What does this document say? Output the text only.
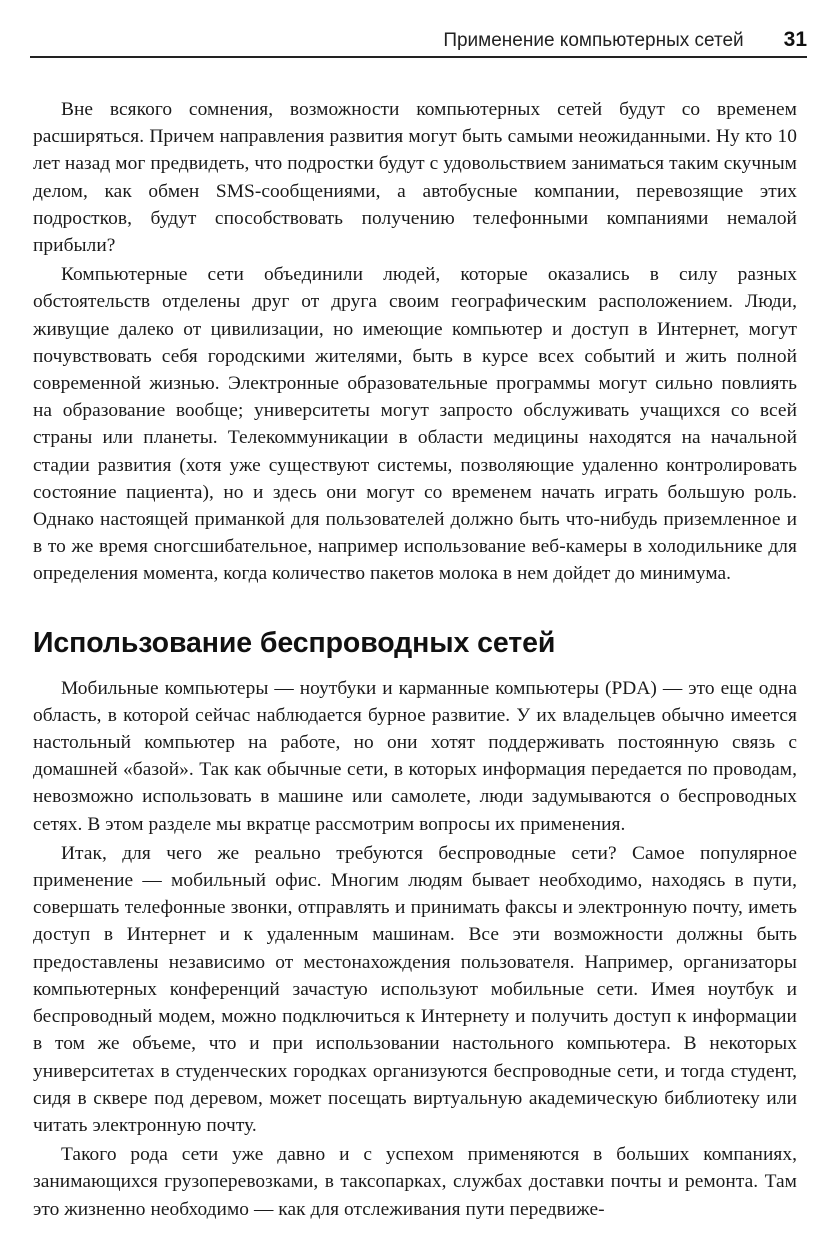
Применение компьютерных сетей 31

Вне всякого сомнения, возможности компьютерных сетей будут со временем расширяться. Причем направления развития могут быть самыми неожиданными. Ну кто 10 лет назад мог предвидеть, что подростки будут с удовольствием заниматься таким скучным делом, как обмен SMS-сообщениями, а автобусные компании, перевозящие этих подростков, будут способствовать получению телефонными компаниями немалой прибыли?

Компьютерные сети объединили людей, которые оказались в силу разных обстоятельств отделены друг от друга своим географическим расположением. Люди, живущие далеко от цивилизации, но имеющие компьютер и доступ в Интернет, могут почувствовать себя городскими жителями, быть в курсе всех событий и жить полной современной жизнью. Электронные образовательные программы могут сильно повлиять на образование вообще; университеты могут запросто обслуживать учащихся со всей страны или планеты. Телекоммуникации в области медицины находятся на начальной стадии развития (хотя уже существуют системы, позволяющие удаленно контролировать состояние пациента), но и здесь они могут со временем начать играть большую роль. Однако настоящей приманкой для пользователей должно быть что-нибудь приземленное и в то же время сногсшибательное, например использование веб-камеры в холодильнике для определения момента, когда количество пакетов молока в нем дойдет до минимума.

Использование беспроводных сетей

Мобильные компьютеры — ноутбуки и карманные компьютеры (PDA) — это еще одна область, в которой сейчас наблюдается бурное развитие. У их владельцев обычно имеется настольный компьютер на работе, но они хотят поддерживать постоянную связь с домашней «базой». Так как обычные сети, в которых информация передается по проводам, невозможно использовать в машине или самолете, люди задумываются о беспроводных сетях. В этом разделе мы вкратце рассмотрим вопросы их применения.

Итак, для чего же реально требуются беспроводные сети? Самое популярное применение — мобильный офис. Многим людям бывает необходимо, находясь в пути, совершать телефонные звонки, отправлять и принимать факсы и электронную почту, иметь доступ в Интернет и к удаленным машинам. Все эти возможности должны быть предоставлены независимо от местонахождения пользователя. Например, организаторы компьютерных конференций зачастую используют мобильные сети. Имея ноутбук и беспроводный модем, можно подключиться к Интернету и получить доступ к информации в том же объеме, что и при использовании настольного компьютера. В некоторых университетах в студенческих городках организуются беспроводные сети, и тогда студент, сидя в сквере под деревом, может посещать виртуальную академическую библиотеку или читать электронную почту.

Такого рода сети уже давно и с успехом применяются в больших компаниях, занимающихся грузоперевозками, в таксопарках, службах доставки почты и ремонта. Там это жизненно необходимо — как для отслеживания пути передвиже-
